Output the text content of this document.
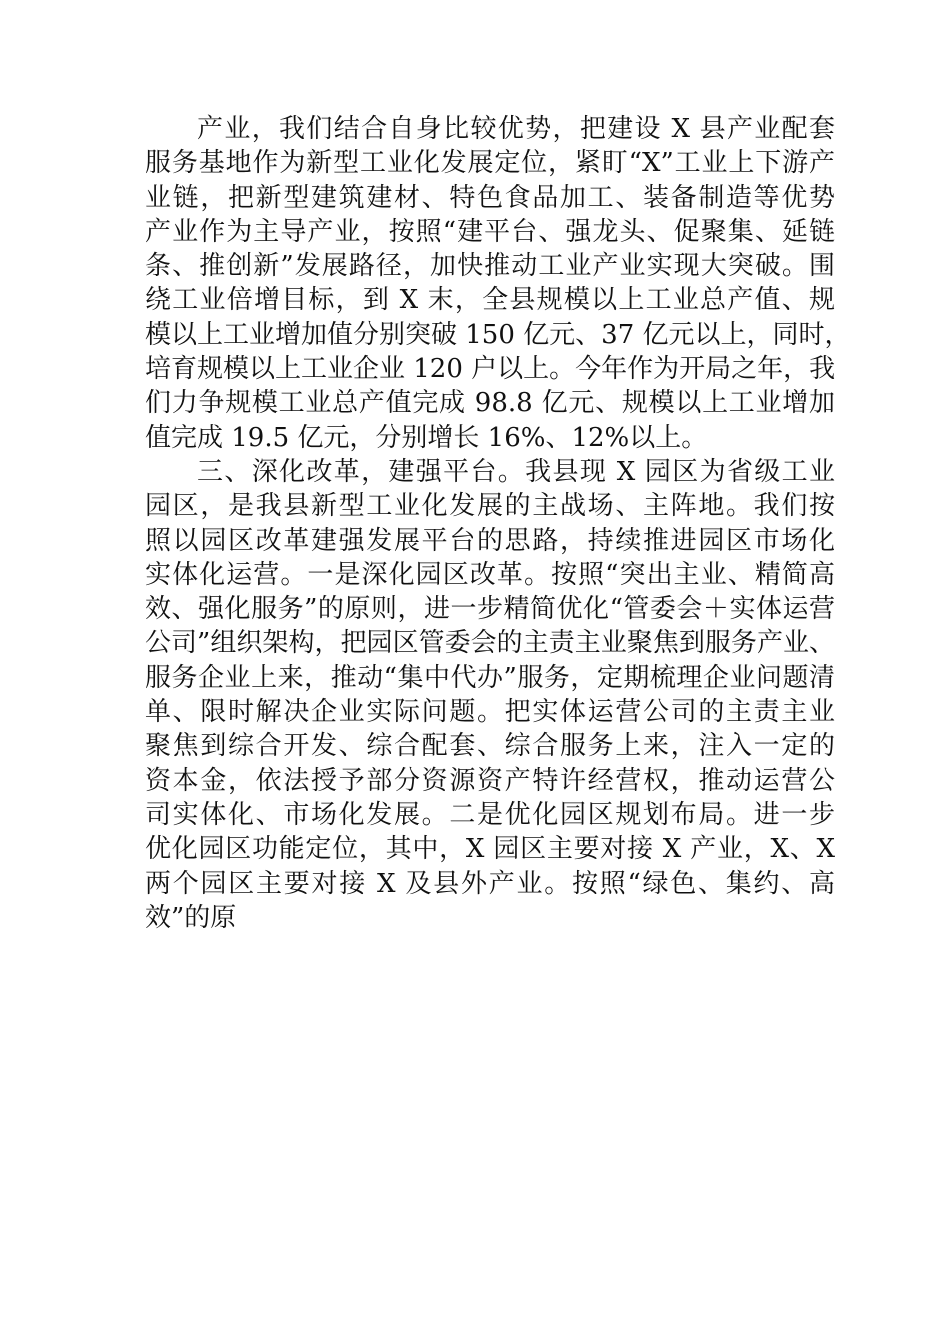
产业，我们结合自身比较优势，把建设 X 县产业配套
服务基地作为新型工业化发展定位，紧盯“X”工业上下游产
业链，把新型建筑建材、特色食品加工、装备制造等优势
产业作为主导产业，按照“建平台、强龙头、促聚集、延链
条、推创新”发展路径，加快推动工业产业实现大突破。围
绕工业倍增目标，到 X 末，全县规模以上工业总产值、规
模以上工业增加值分别突破 150 亿元、37 亿元以上，同时，
培育规模以上工业企业 120 户以上。今年作为开局之年，我
们力争规模工业总产值完成 98.8 亿元、规模以上工业增加
值完成 19.5 亿元，分别增长 16%、12%以上。
三、深化改革，建强平台。我县现 X 园区为省级工业
园区，是我县新型工业化发展的主战场、主阵地。我们按
照以园区改革建强发展平台的思路，持续推进园区市场化
实体化运营。一是深化园区改革。按照“突出主业、精简高
效、强化服务”的原则，进一步精简优化“管委会＋实体运营
公司”组织架构，把园区管委会的主责主业聚焦到服务产业、
服务企业上来，推动“集中代办”服务，定期梳理企业问题清
单、限时解决企业实际问题。把实体运营公司的主责主业
聚焦到综合开发、综合配套、综合服务上来，注入一定的
资本金，依法授予部分资源资产特许经营权，推动运营公
司实体化、市场化发展。二是优化园区规划布局。进一步
优化园区功能定位，其中，X 园区主要对接 X 产业，X、X
两个园区主要对接 X 及县外产业。按照“绿色、集约、高
效”的原
